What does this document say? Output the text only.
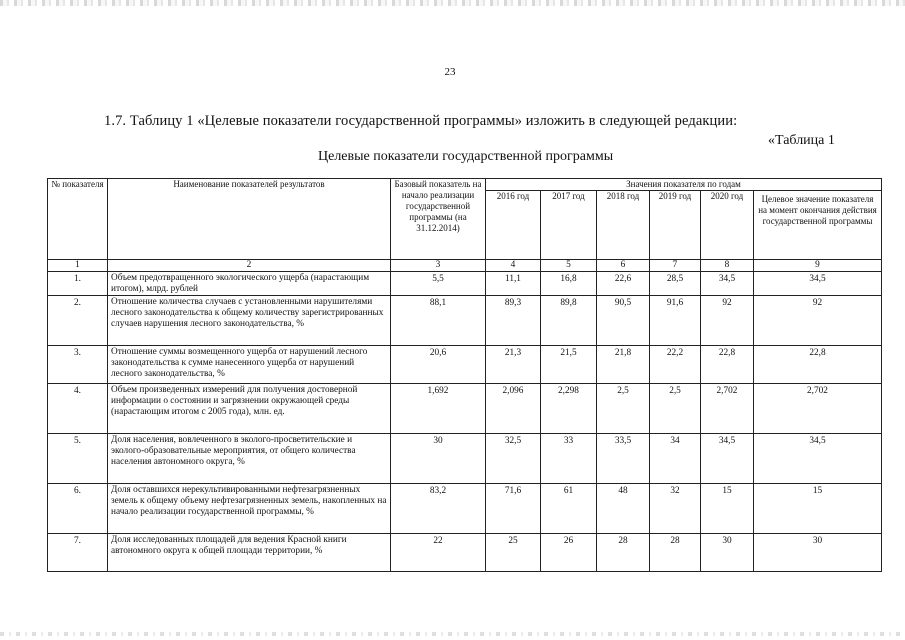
23
1.7. Таблицу 1 «Целевые показатели государственной программы» изложить в следующей редакции:
«Таблица 1
Целевые показатели государственной программы
№ показателя	Наименование показателей результатов	Базовый показатель на начало реализации государственной программы (на 31.12.2014)	Значения показателя по годам					
			2016 год	2017 год	2018 год	2019 год	2020 год	Целевое значение показателя на момент окончания действия государственной программы
1	2	3	4	5	6	7	8	9
1.	Объем предотвращенного экологического ущерба (нарастающим итогом), млрд. рублей	5,5	11,1	16,8	22,6	28,5	34,5	34,5
2.	Отношение количества случаев с установленными нарушителями лесного законодательства к общему количеству зарегистрированных случаев нарушения лесного законодательства, %	88,1	89,3	89,8	90,5	91,6	92	92
3.	Отношение суммы возмещенного ущерба от нарушений лесного законодательства к сумме нанесенного ущерба от нарушений лесного законодательства, %	20,6	21,3	21,5	21,8	22,2	22,8	22,8
4.	Объем произведенных измерений для получения достоверной информации о состоянии и загрязнении окружающей среды (нарастающим итогом с 2005 года), млн. ед.	1,692	2,096	2,298	2,5	2,5	2,702	2,702
5.	Доля населения, вовлеченного в эколого-просветительские и эколого-образовательные мероприятия, от общего количества населения автономного округа, %	30	32,5	33	33,5	34	34,5	34,5
6.	Доля оставшихся нерекультивированными нефтезагрязненных земель к общему объему нефтезагрязненных земель, накопленных на начало реализации государственной программы, %	83,2	71,6	61	48	32	15	15
7.	Доля исследованных площадей для ведения Красной книги автономного округа к общей площади территории, %	22	25	26	28	28	30	30
